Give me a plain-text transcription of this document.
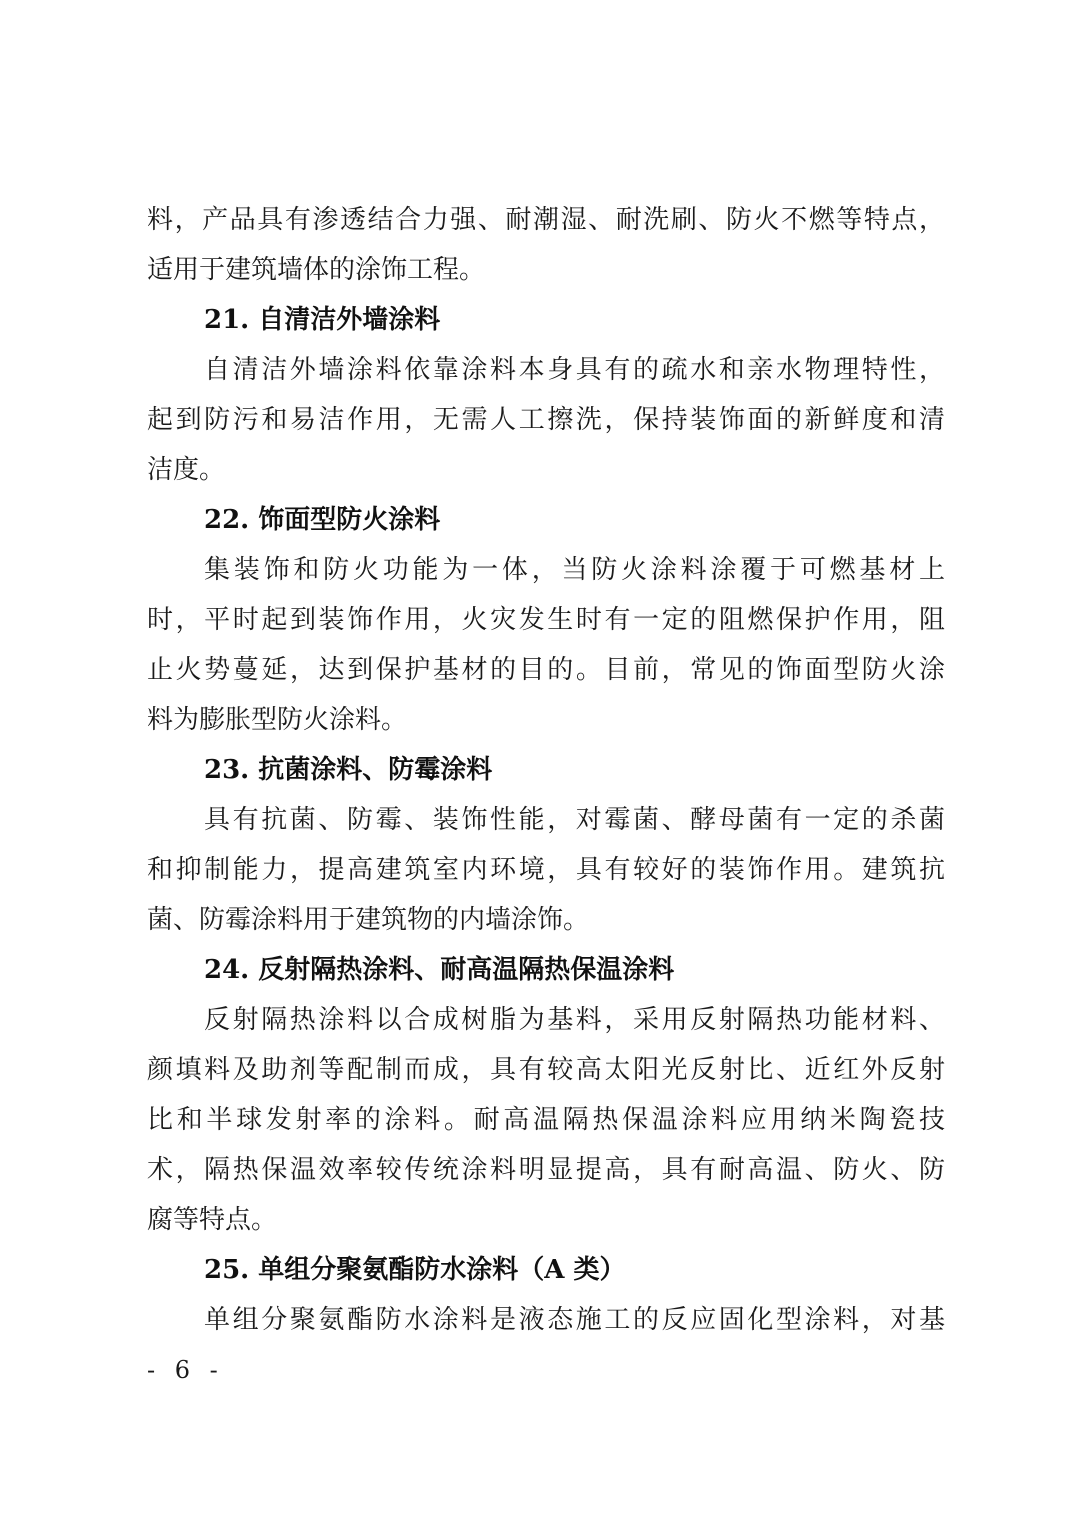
料，产品具有渗透结合力强、耐潮湿、耐洗刷、防火不燃等特点，
适用于建筑墙体的涂饰工程。
21. 自清洁外墙涂料
自清洁外墙涂料依靠涂料本身具有的疏水和亲水物理特性，
起到防污和易洁作用，无需人工擦洗，保持装饰面的新鲜度和清
洁度。
22. 饰面型防火涂料
集装饰和防火功能为一体，当防火涂料涂覆于可燃基材上
时，平时起到装饰作用，火灾发生时有一定的阻燃保护作用，阻
止火势蔓延，达到保护基材的目的。目前，常见的饰面型防火涂
料为膨胀型防火涂料。
23. 抗菌涂料、防霉涂料
具有抗菌、防霉、装饰性能，对霉菌、酵母菌有一定的杀菌
和抑制能力，提高建筑室内环境，具有较好的装饰作用。建筑抗
菌、防霉涂料用于建筑物的内墙涂饰。
24. 反射隔热涂料、耐高温隔热保温涂料
反射隔热涂料以合成树脂为基料，采用反射隔热功能材料、
颜填料及助剂等配制而成，具有较高太阳光反射比、近红外反射
比和半球发射率的涂料。耐高温隔热保温涂料应用纳米陶瓷技
术，隔热保温效率较传统涂料明显提高，具有耐高温、防火、防
腐等特点。
25. 单组分聚氨酯防水涂料（A 类）
单组分聚氨酯防水涂料是液态施工的反应固化型涂料，对基
- 6 -
